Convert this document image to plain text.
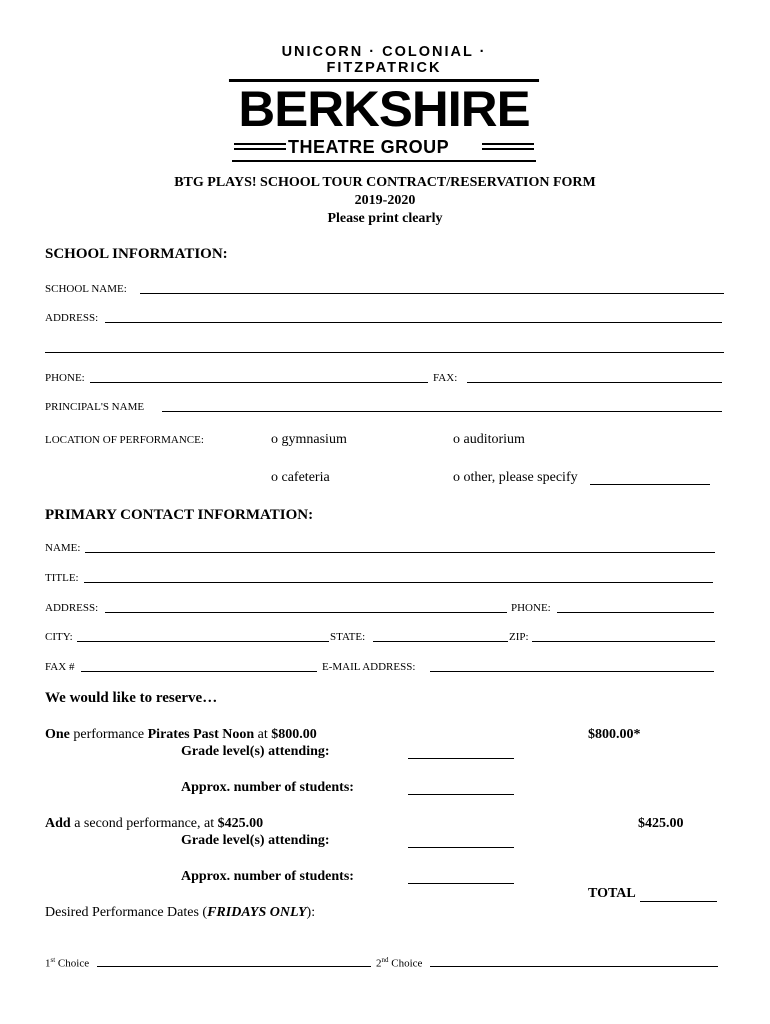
UNICORN · COLONIAL · FITZPATRICK
BERKSHIRE
THEATRE GROUP
BTG PLAYS! SCHOOL TOUR CONTRACT/RESERVATION FORM
2019-2020
Please print clearly
SCHOOL INFORMATION:
SCHOOL NAME:
ADDRESS:
PHONE:	FAX:
PRINCIPAL'S NAME
LOCATION OF PERFORMANCE:	o gymnasium	o auditorium
o cafeteria	o other, please specify
PRIMARY CONTACT INFORMATION:
NAME:
TITLE:
ADDRESS:	PHONE:
CITY:	STATE:	ZIP:
FAX #	E-MAIL ADDRESS:
We would like to reserve…
One performance Pirates Past Noon at $800.00	$800.00*
Grade level(s) attending:
Approx. number of students:
Add a second performance, at $425.00	$425.00
Grade level(s) attending:
Approx. number of students:
TOTAL
Desired Performance Dates (FRIDAYS ONLY):
1st Choice	2nd Choice
